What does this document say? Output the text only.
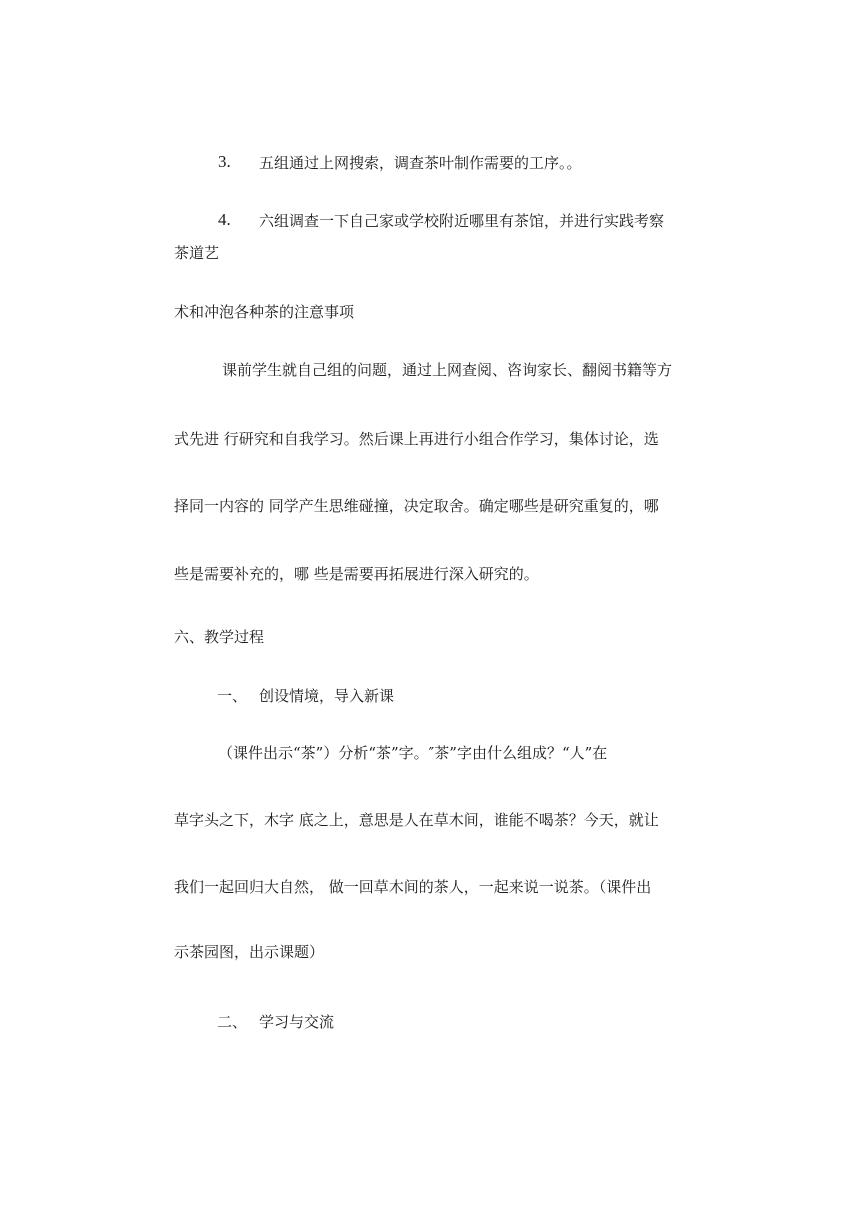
3. 五组通过上网搜索，调查茶叶制作需要的工序。。
4. 六组调查一下自己家或学校附近哪里有茶馆，并进行实践考察
茶道艺
术和冲泡各种茶的注意事项
课前学生就自己组的问题，通过上网查阅、咨询家长、翻阅书籍等方
式先进 行研究和自我学习。然后课上再进行小组合作学习，集体讨论，选
择同一内容的 同学产生思维碰撞，决定取舍。确定哪些是研究重复的，哪
些是需要补充的，哪 些是需要再拓展进行深入研究的。
六、教学过程
一、 创设情境，导入新课
（课件出示“茶”）分析“茶”字。″茶”字由什么组成？“人”在
草字头之下，木字 底之上，意思是人在草木间，谁能不喝茶？今天，就让
我们一起回归大自然， 做一回草木间的茶人，一起来说一说茶。（课件出
示茶园图，出示课题）
二、 学习与交流
